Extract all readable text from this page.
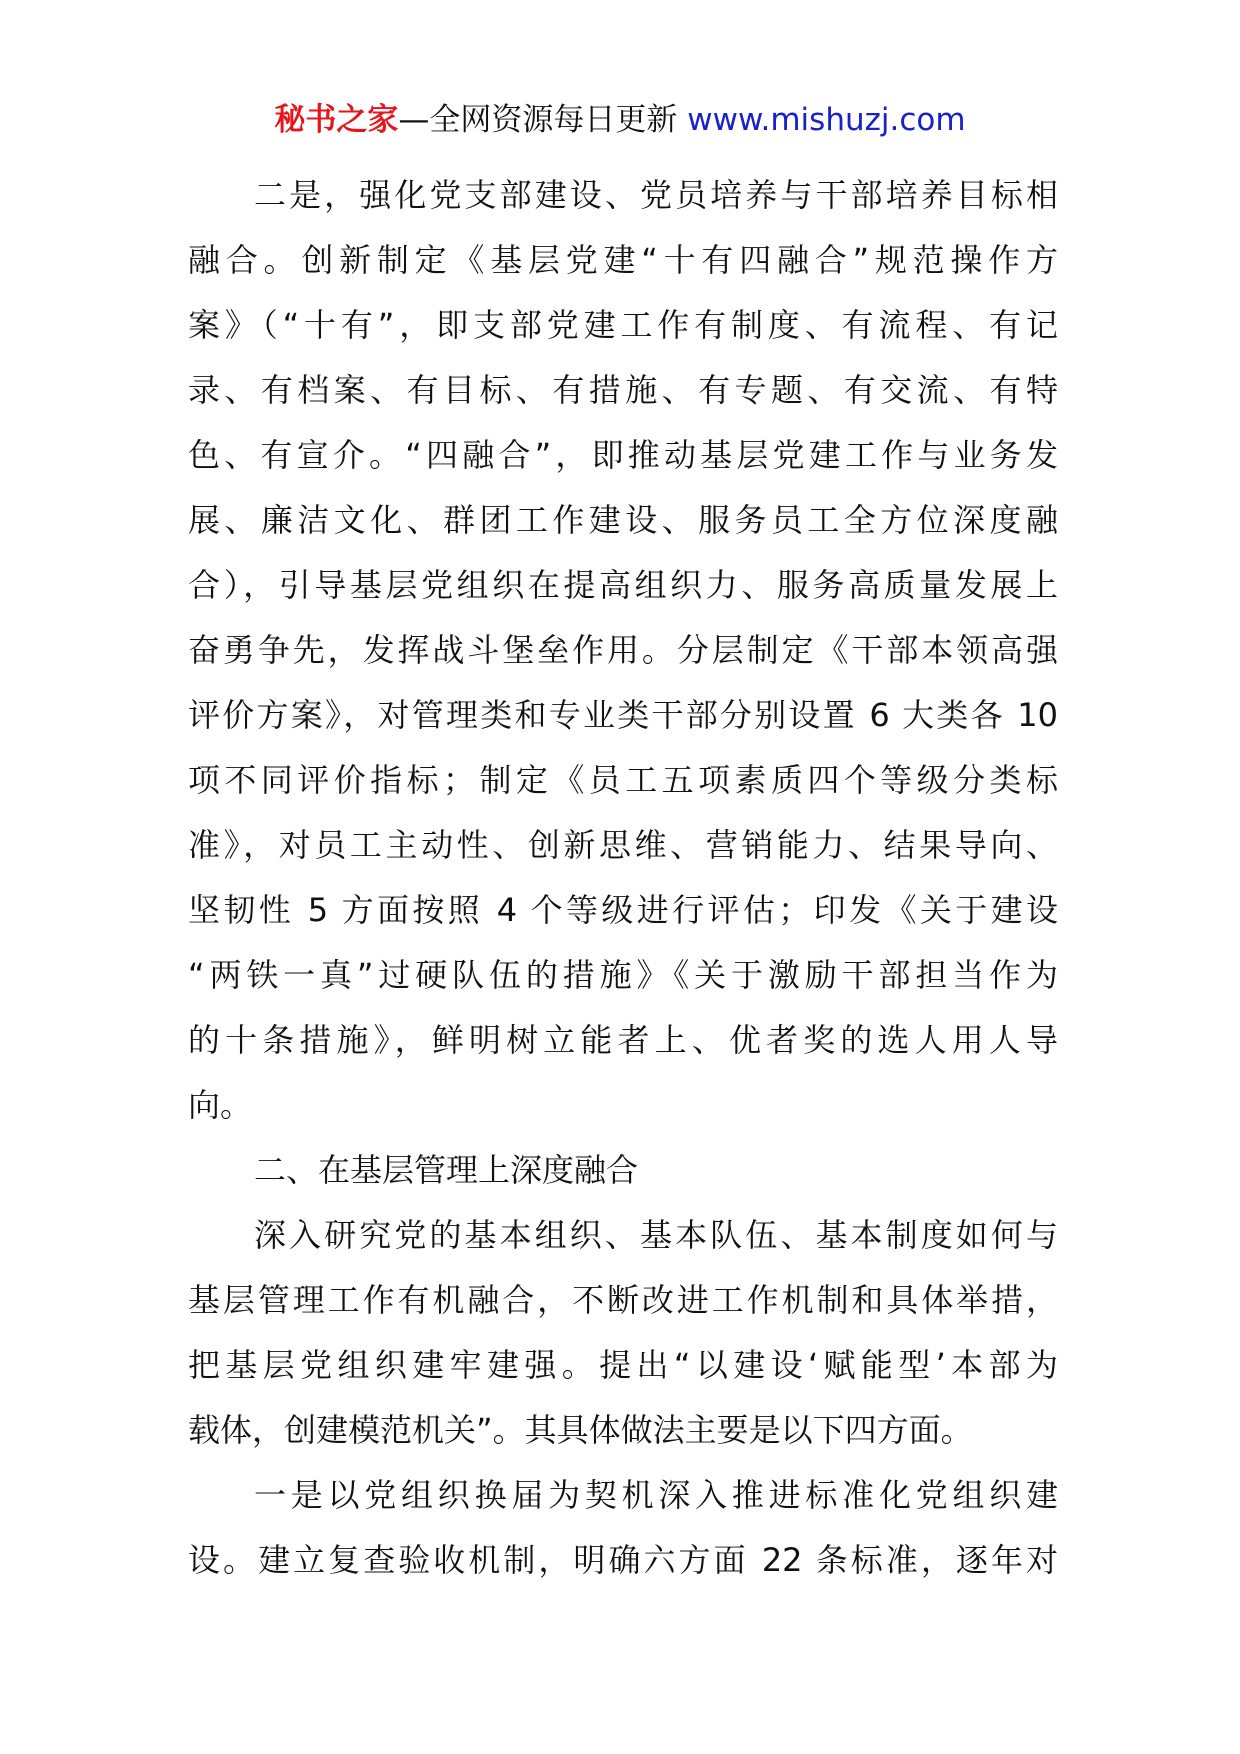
秘书之家—全网资源每日更新 www.mishuzj.com
二是，强化党支部建设、党员培养与干部培养目标相
融合。创新制定《基层党建“十有四融合”规范操作方
案》（“十有”，即支部党建工作有制度、有流程、有记
录、有档案、有目标、有措施、有专题、有交流、有特
色、有宣介。“四融合”，即推动基层党建工作与业务发
展、廉洁文化、群团工作建设、服务员工全方位深度融
合），引导基层党组织在提高组织力、服务高质量发展上
奋勇争先，发挥战斗堡垒作用。分层制定《干部本领高强
评价方案》，对管理类和专业类干部分别设置 6 大类各 10
项不同评价指标；制定《员工五项素质四个等级分类标
准》，对员工主动性、创新思维、营销能力、结果导向、
坚韧性 5 方面按照 4 个等级进行评估；印发《关于建设
“两铁一真”过硬队伍的措施》《关于激励干部担当作为
的十条措施》，鲜明树立能者上、优者奖的选人用人导
向。
二、在基层管理上深度融合
深入研究党的基本组织、基本队伍、基本制度如何与
基层管理工作有机融合，不断改进工作机制和具体举措，
把基层党组织建牢建强。提出“以建设‘赋能型’本部为
载体，创建模范机关”。其具体做法主要是以下四方面。
一是以党组织换届为契机深入推进标准化党组织建
设。建立复查验收机制，明确六方面 22 条标准，逐年对
